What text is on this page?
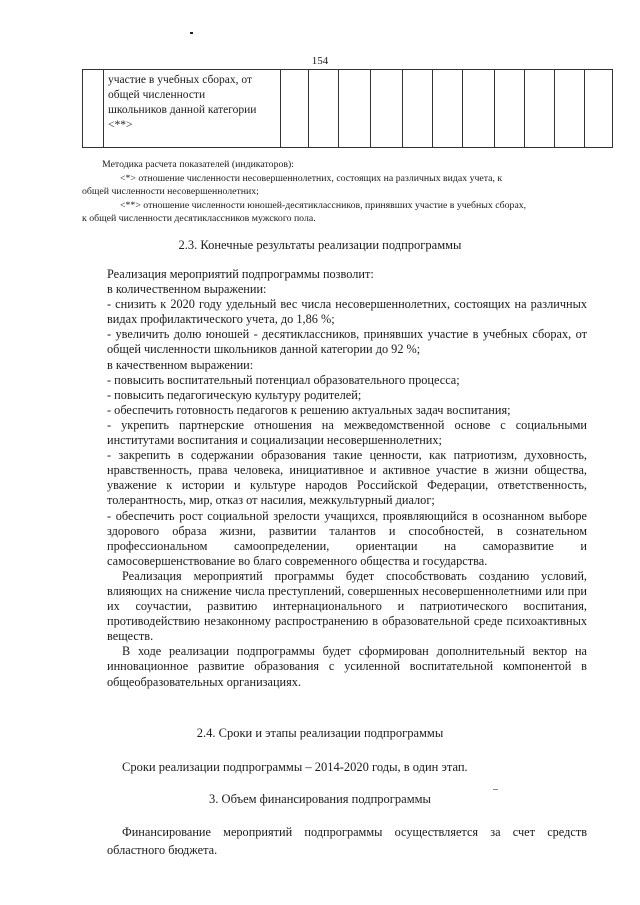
154

участие в учебных сборах, от
общей численности
школьников данной категории
<**>

Методика расчета показателей (индикаторов):

<*> отношение численности несовершеннолетних, состоящих на различных видах учета, к

общей численности несовершеннолетних;

<**> отношение численности юношей-десятиклассников, принявших участие в учебных сборах,

к общей численности десятиклассников мужского пола.

2.3. Конечные результаты реализации подпрограммы

Реализация мероприятий подпрограммы позволит:

в количественном выражении:

- снизить к 2020 году удельный вес числа несовершеннолетних, состоящих на различных видах профилактического учета, до 1,86 %;

- увеличить долю юношей - десятиклассников, принявших участие в учебных сборах, от общей численности школьников данной категории до 92 %;

в качественном выражении:

- повысить воспитательный потенциал образовательного процесса;

- повысить педагогическую культуру родителей;

- обеспечить готовность педагогов к решению актуальных задач воспитания;

- укрепить партнерские отношения на межведомственной основе с социальными институтами воспитания и социализации несовершеннолетних;

- закрепить в содержании образования такие ценности, как патриотизм, духовность, нравственность, права человека, инициативное и активное участие в жизни общества, уважение к истории и культуре народов Российской Федерации, ответственность, толерантность, мир, отказ от насилия, межкультурный диалог;

- обеспечить рост социальной зрелости учащихся, проявляющийся в осознанном выборе здорового образа жизни, развитии талантов и способностей, в сознательном профессиональном самоопределении, ориентации на саморазвитие и самосовершенствование во благо современного общества и государства.

Реализация мероприятий программы будет способствовать созданию условий, влияющих на снижение числа преступлений, совершенных несовершеннолетними или при их соучастии, развитию интернационального и патриотического воспитания, противодействию незаконному распространению в образовательной среде психоактивных веществ.

В ходе реализации подпрограммы будет сформирован дополнительный вектор на инновационное развитие образования с усиленной воспитательной компонентой в общеобразовательных организациях.

2.4. Сроки и этапы реализации подпрограммы
Сроки реализации подпрограммы – 2014-2020 годы, в один этап.
3. Объем финансирования подпрограммы

Финансирование мероприятий подпрограммы осуществляется за счет средств областного бюджета.
